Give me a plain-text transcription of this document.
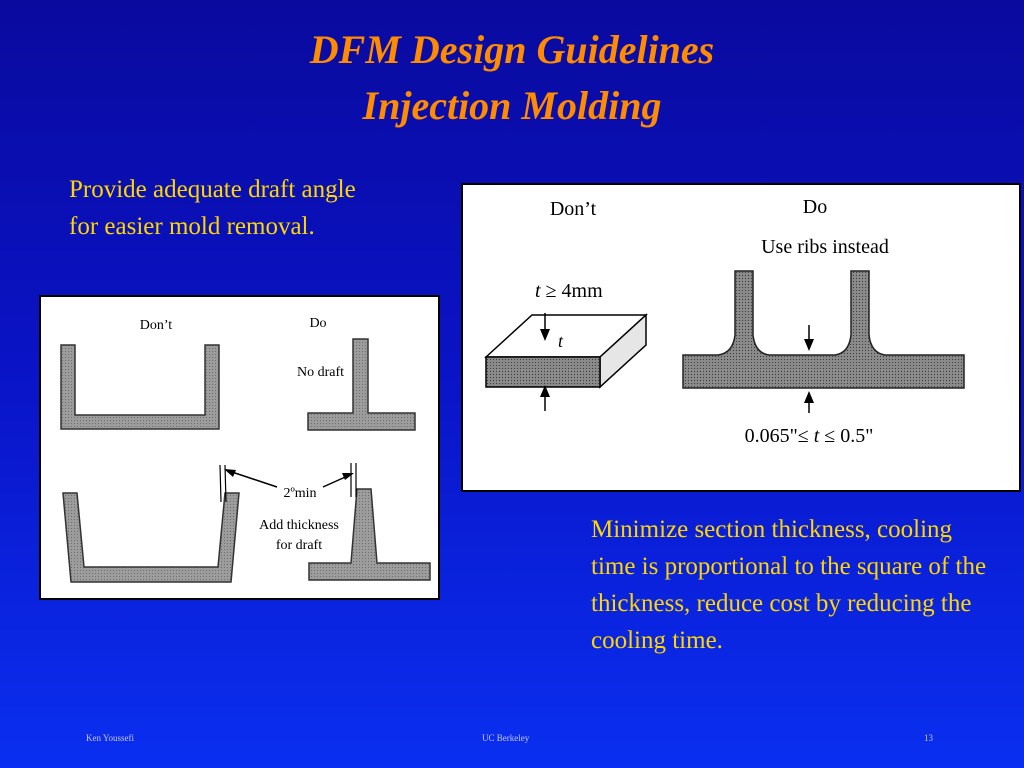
DFM Design Guidelines
Injection Molding
Provide adequate draft angle for easier mold removal.
Don’t	Do
No draft
2ºmin
Add thickness
for draft
Don’t	Do
Use ribs instead
t ≥ 4mm
t
0.065"≤ t ≤ 0.5"
Minimize section thickness, cooling time is proportional to the square of the thickness, reduce cost by reducing the cooling time.
Ken Youssefi	UC Berkeley	13
